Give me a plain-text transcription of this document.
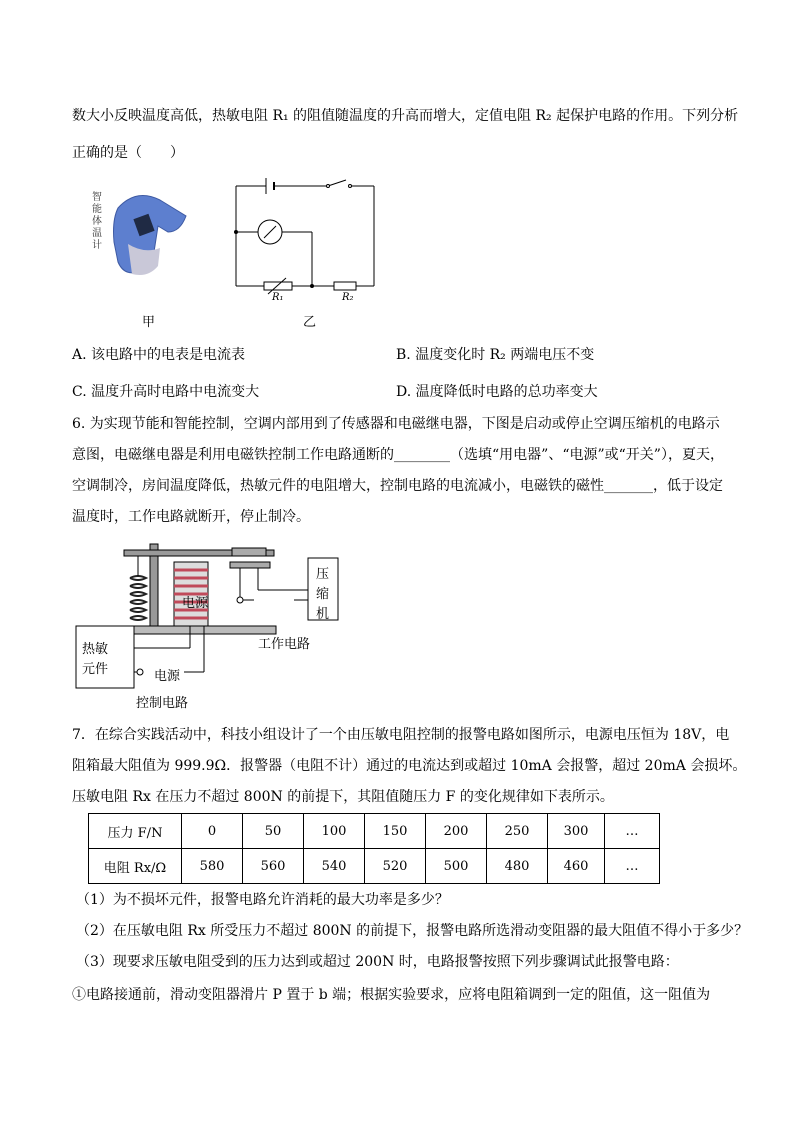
数大小反映温度高低，热敏电阻 R₁ 的阻值随温度的升高而增大，定值电阻 R₂ 起保护电路的作用。下列分析
正确的是（　　）
智能体温计
甲
R₁	R₂
乙
A. 该电路中的电表是电流表	B. 温度变化时 R₂ 两端电压不变
C. 温度升高时电路中电流变大	D. 温度降低时电路的总功率变大
6. 为实现节能和智能控制，空调内部用到了传感器和电磁继电器，下图是启动或停止空调压缩机的电路示
意图，电磁继电器是利用电磁铁控制工作电路通断的________（选填“用电器”、“电源”或“开关”），夏天，
空调制冷，房间温度降低，热敏元件的电阻增大，控制电路的电流减小，电磁铁的磁性_______，低于设定
温度时，工作电路就断开，停止制冷。
电源
压
缩
机
工作电路
热敏
元件	电源
控制电路
7．在综合实践活动中，科技小组设计了一个由压敏电阻控制的报警电路如图所示，电源电压恒为 18V，电
阻箱最大阻值为 999.9Ω．报警器（电阻不计）通过的电流达到或超过 10mA 会报警，超过 20mA 会损坏。
压敏电阻 Rx 在压力不超过 800N 的前提下，其阻值随压力 F 的变化规律如下表所示。
压力 F/N	0	50	100	150	200	250	300	…
电阻 Rx/Ω	580	560	540	520	500	480	460	…
（1）为不损坏元件，报警电路允许消耗的最大功率是多少？
（2）在压敏电阻 Rx 所受压力不超过 800N 的前提下，报警电路所选滑动变阻器的最大阻值不得小于多少？
（3）现要求压敏电阻受到的压力达到或超过 200N 时，电路报警按照下列步骤调试此报警电路：
①电路接通前，滑动变阻器滑片 P 置于 b 端；根据实验要求，应将电阻箱调到一定的阻值，这一阻值为
